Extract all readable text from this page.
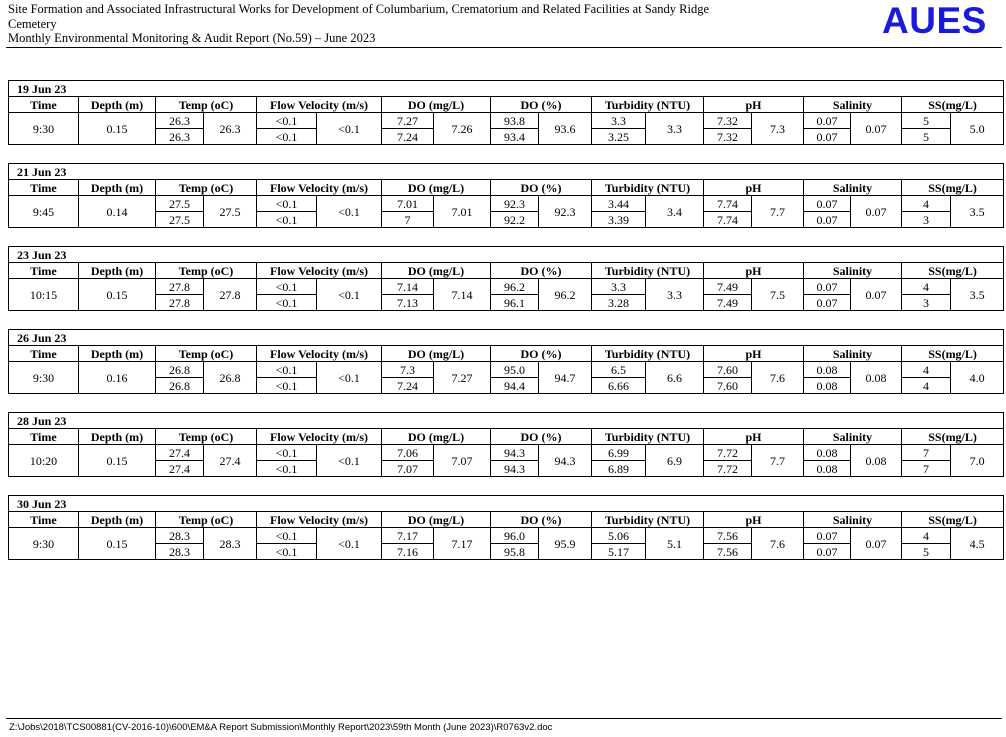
Site Formation and Associated Infrastructural Works for Development of Columbarium, Crematorium and Related Facilities at Sandy Ridge
Cemetery
Monthly Environmental Monitoring & Audit Report (No.59) – June 2023	AUES
19 Jun 23																	
Time	Depth (m)	Temp (oC)		Flow Velocity (m/s)		DO (mg/L)		DO (%)		Turbidity (NTU)		pH		Salinity		SS(mg/L)	
9:30	0.15	26.3	26.3	<0.1	<0.1	7.27	7.26	93.8	93.6	3.3	3.3	7.32	7.3	0.07	0.07	5	5.0
		26.3		<0.1		7.24		93.4		3.25		7.32		0.07		5	
21 Jun 23																	
Time	Depth (m)	Temp (oC)		Flow Velocity (m/s)		DO (mg/L)		DO (%)		Turbidity (NTU)		pH		Salinity		SS(mg/L)	
9:45	0.14	27.5	27.5	<0.1	<0.1	7.01	7.01	92.3	92.3	3.44	3.4	7.74	7.7	0.07	0.07	4	3.5
		27.5		<0.1		7		92.2		3.39		7.74		0.07		3	
23 Jun 23																	
Time	Depth (m)	Temp (oC)		Flow Velocity (m/s)		DO (mg/L)		DO (%)		Turbidity (NTU)		pH		Salinity		SS(mg/L)	
10:15	0.15	27.8	27.8	<0.1	<0.1	7.14	7.14	96.2	96.2	3.3	3.3	7.49	7.5	0.07	0.07	4	3.5
		27.8		<0.1		7.13		96.1		3.28		7.49		0.07		3	
26 Jun 23																	
Time	Depth (m)	Temp (oC)		Flow Velocity (m/s)		DO (mg/L)		DO (%)		Turbidity (NTU)		pH		Salinity		SS(mg/L)	
9:30	0.16	26.8	26.8	<0.1	<0.1	7.3	7.27	95.0	94.7	6.5	6.6	7.60	7.6	0.08	0.08	4	4.0
		26.8		<0.1		7.24		94.4		6.66		7.60		0.08		4	
28 Jun 23																	
Time	Depth (m)	Temp (oC)		Flow Velocity (m/s)		DO (mg/L)		DO (%)		Turbidity (NTU)		pH		Salinity		SS(mg/L)	
10:20	0.15	27.4	27.4	<0.1	<0.1	7.06	7.07	94.3	94.3	6.99	6.9	7.72	7.7	0.08	0.08	7	7.0
		27.4		<0.1		7.07		94.3		6.89		7.72		0.08		7	
30 Jun 23																	
Time	Depth (m)	Temp (oC)		Flow Velocity (m/s)		DO (mg/L)		DO (%)		Turbidity (NTU)		pH		Salinity		SS(mg/L)	
9:30	0.15	28.3	28.3	<0.1	<0.1	7.17	7.17	96.0	95.9	5.06	5.1	7.56	7.6	0.07	0.07	4	4.5
		28.3		<0.1		7.16		95.8		5.17		7.56		0.07		5	
Z:\Jobs\2018\TCS00881(CV-2016-10)\600\EM&A Report Submission\Monthly Report\2023\59th Month (June 2023)\R0763v2.doc
